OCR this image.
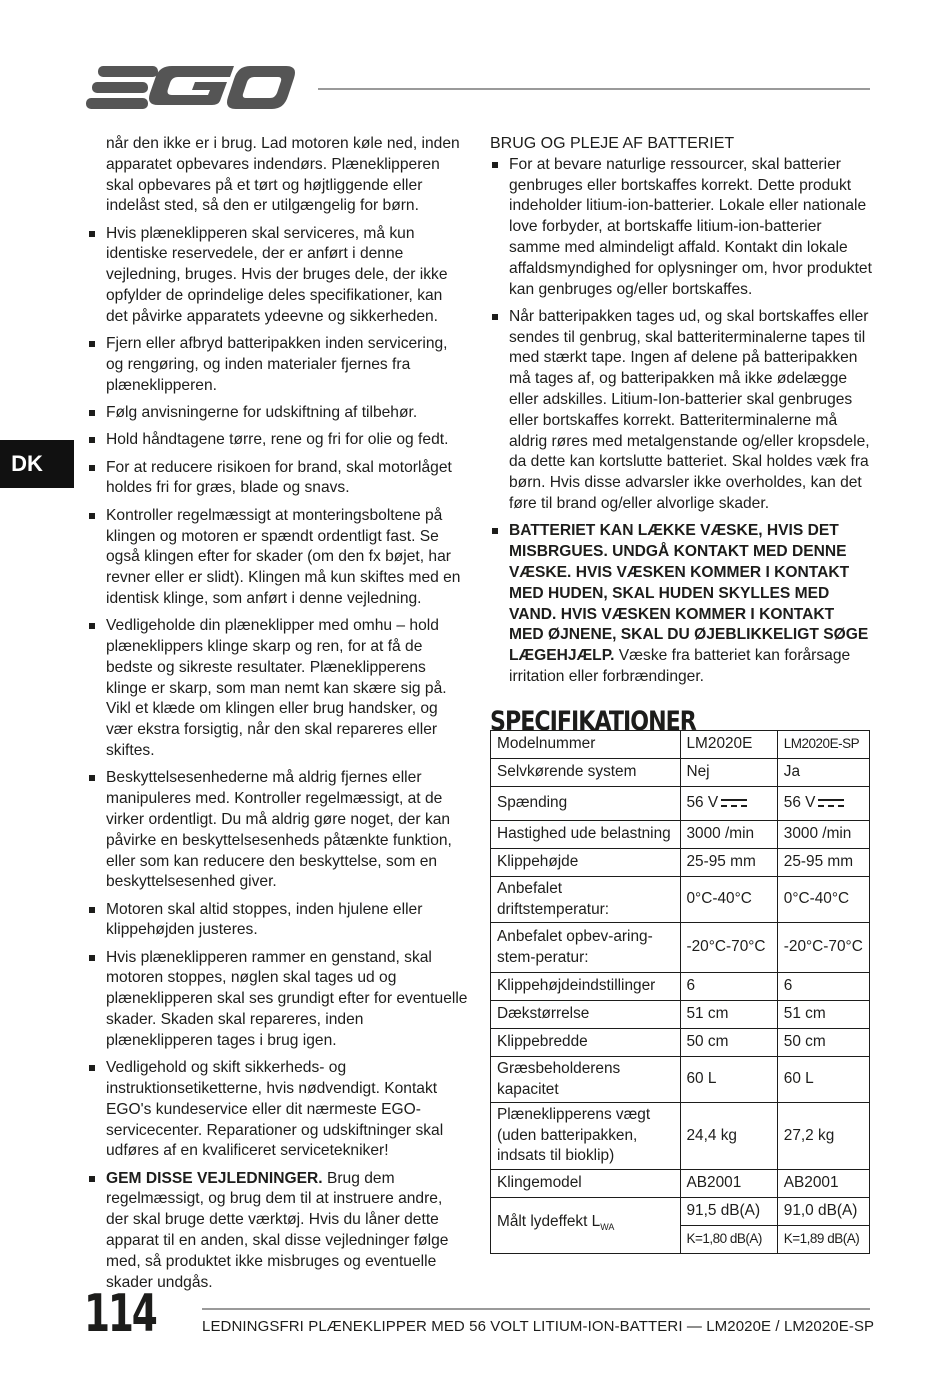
DK

når den ikke er i brug. Lad motoren køle ned, inden apparatet opbevares indendørs. Plæneklipperen skal opbevares på et tørt og højtliggende eller indelåst sted, så den er utilgængelig for børn.

Hvis plæneklipperen skal serviceres, må kun identiske reservedele, der er anført i denne vejledning, bruges. Hvis der bruges dele, der ikke opfylder de oprindelige deles specifikationer, kan det påvirke apparatets ydeevne og sikkerheden.
Fjern eller afbryd batteripakken inden servicering, og rengøring, og inden materialer fjernes fra plæneklipperen.
Følg anvisningerne for udskiftning af tilbehør.
Hold håndtagene tørre, rene og fri for olie og fedt.
For at reducere risikoen for brand, skal motorlåget holdes fri for græs, blade og snavs.
Kontroller regelmæssigt at monteringsboltene på klingen og motoren er spændt ordentligt fast. Se også klingen efter for skader (om den fx bøjet, har revner eller er slidt). Klingen må kun skiftes med en identisk klinge, som anført i denne vejledning.
Vedligeholde din plæneklipper med omhu – hold plæneklippers klinge skarp og ren, for at få de bedste og sikreste resultater. Plæneklipperens klinge er skarp, som man nemt kan skære sig på. Vikl et klæde om klingen eller brug handsker, og vær ekstra forsigtig, når den skal repareres eller skiftes.
Beskyttelsesenhederne må aldrig fjernes eller manipuleres med. Kontroller regelmæssigt, at de virker ordentligt. Du må aldrig gøre noget, der kan påvirke en beskyttelsesenheds påtænkte funktion, eller som kan reducere den beskyttelse, som en beskyttelsesenhed giver.
Motoren skal altid stoppes, inden hjulene eller klippehøjden justeres.
Hvis plæneklipperen rammer en genstand, skal motoren stoppes, nøglen skal tages ud og plæneklipperen skal ses grundigt efter for eventuelle skader. Skaden skal repareres, inden plæneklipperen tages i brug igen.
Vedligehold og skift sikkerheds- og instruktionsetiketterne, hvis nødvendigt. Kontakt EGO's kundeservice eller dit nærmeste EGO-servicecenter. Reparationer og udskiftninger skal udføres af en kvalificeret servicetekniker!
GEM DISSE VEJLEDNINGER. Brug dem regelmæssigt, og brug dem til at instruere andre, der skal bruge dette værktøj. Hvis du låner dette apparat til en anden, skal disse vejledninger følge med, så produktet ikke misbruges og eventuelle skader undgås.

BRUG OG PLEJE AF BATTERIET

For at bevare naturlige ressourcer, skal batterier genbruges eller bortskaffes korrekt. Dette produkt indeholder litium-ion-batterier. Lokale eller nationale love forbyder, at bortskaffe litium-ion-batterier samme med almindeligt affald. Kontakt din lokale affaldsmyndighed for oplysninger om, hvor produktet kan genbruges og/eller bortskaffes.
Når batteripakken tages ud, og skal bortskaffes eller sendes til genbrug, skal batteriterminalerne tapes til med stærkt tape. Ingen af delene på batteripakken må tages af, og batteripakken må ikke ødelægge eller adskilles. Litium-Ion-batterier skal genbruges eller bortskaffes korrekt. Batteriterminalerne må aldrig røres med metalgenstande og/eller kropsdele, da dette kan kortslutte batteriet. Skal holdes væk fra børn. Hvis disse advarsler ikke overholdes, kan det føre til brand og/eller alvorlige skader.
BATTERIET KAN LÆKKE VÆSKE, HVIS DET MISBRGUES. UNDGÅ KONTAKT MED DENNE VÆSKE. HVIS VÆSKEN KOMMER I KONTAKT MED HUDEN, SKAL HUDEN SKYLLES MED VAND. HVIS VÆSKEN KOMMER I KONTAKT MED ØJNENE, SKAL DU ØJEBLIKKELIGT SØGE LÆGEHJÆLP. Væske fra batteriet kan forårsage irritation eller forbrændinger.
SPECIFIKATIONER
Modelnummer	LM2020E	LM2020E-SP
Selvkørende system	Nej	Ja
Spænding	56 V	56 V
Hastighed ude belastning	3000 /min	3000 /min
Klippehøjde	25-95 mm	25-95 mm
Anbefalet driftstemperatur:	0°C-40°C	0°C-40°C
Anbefalet opbev-aring-stem-peratur:	-20°C-70°C	-20°C-70°C
Klippehøjdeindstillinger	6	6
Dækstørrelse	51 cm	51 cm
Klippebredde	50 cm	50 cm
Græsbeholderens kapacitet	60 L	60 L
Plæneklipperens vægt (uden batteripakken, indsats til bioklip)	24,4 kg	27,2 kg
Klingemodel	AB2001	AB2001
Målt lydeffekt $L_{WA}$	91,5 dB(A)	91,0 dB(A)
	K=1,80 dB(A)	K=1,89 dB(A)
114	LEDNINGSFRI PLÆNEKLIPPER MED 56 VOLT LITIUM-ION-BATTERI — LM2020E / LM2020E-SP
